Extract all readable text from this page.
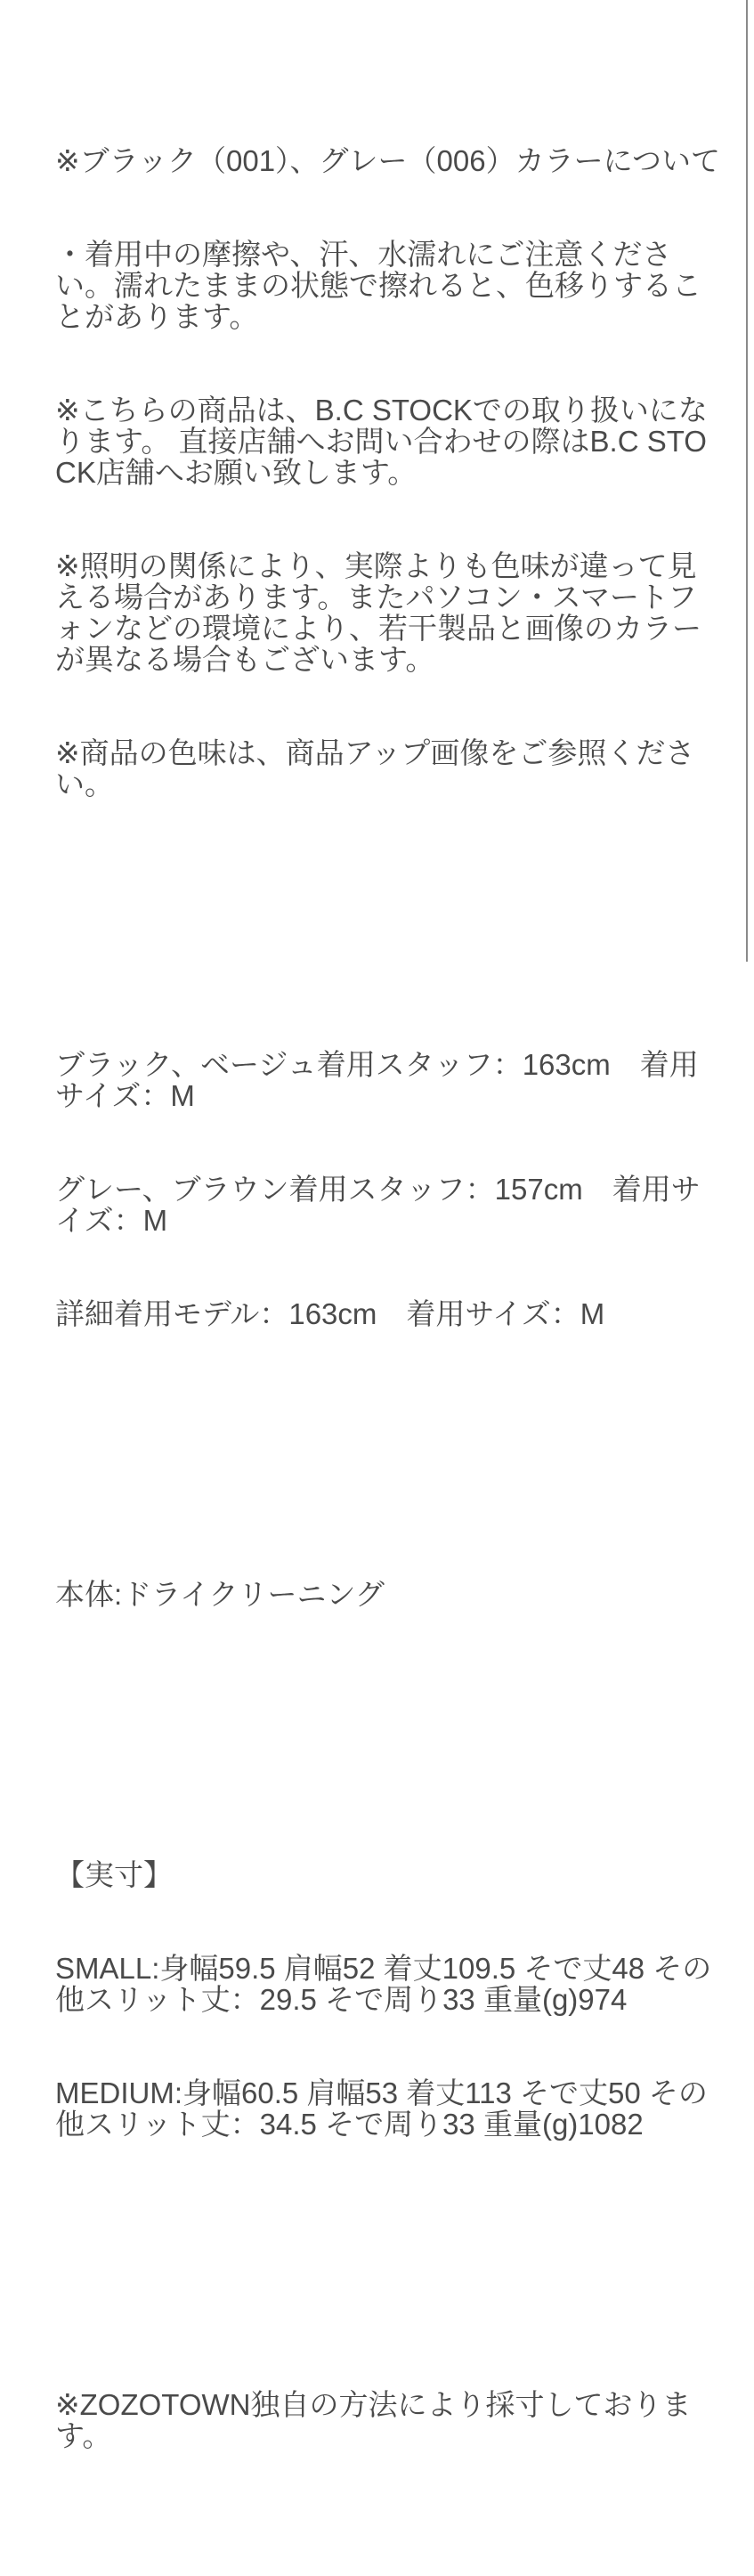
※ブラック（001）、グレー（006）カラーについて

・着用中の摩擦や、汗、水濡れにご注意ください。濡れたままの状態で擦れると、色移りすることがあります。

※こちらの商品は、B.C STOCKでの取り扱いになります。 直接店舗へお問い合わせの際はB.C STOCK店舗へお願い致します。

※照明の関係により、実際よりも色味が違って見える場合があります。またパソコン・スマートフォンなどの環境により、若干製品と画像のカラーが異なる場合もございます。

※商品の色味は、商品アップ画像をご参照ください。

ブラック、ベージュ着用スタッフ：163cm　着用サイズ：M

グレー、ブラウン着用スタッフ：157cm　着用サイズ：M

詳細着用モデル：163cm　着用サイズ：M

本体:ドライクリーニング

【実寸】

SMALL:身幅59.5 肩幅52 着丈109.5 そで丈48 その他スリット丈：29.5 そで周り33 重量(g)974

MEDIUM:身幅60.5 肩幅53 着丈113 そで丈50 その他スリット丈：34.5 そで周り33 重量(g)1082

※ZOZOTOWN独自の方法により採寸しております。
